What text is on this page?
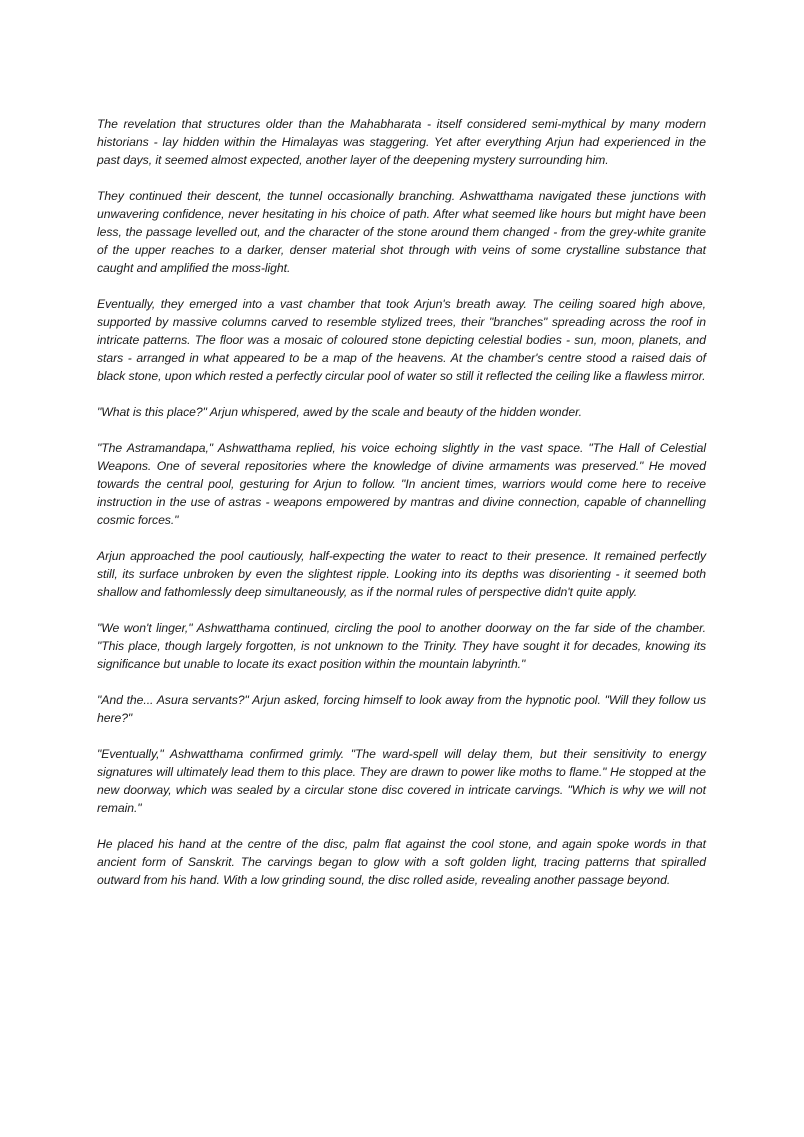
The revelation that structures older than the Mahabharata - itself considered semi-mythical by many modern historians - lay hidden within the Himalayas was staggering. Yet after everything Arjun had experienced in the past days, it seemed almost expected, another layer of the deepening mystery surrounding him.

They continued their descent, the tunnel occasionally branching. Ashwatthama navigated these junctions with unwavering confidence, never hesitating in his choice of path. After what seemed like hours but might have been less, the passage levelled out, and the character of the stone around them changed - from the grey-white granite of the upper reaches to a darker, denser material shot through with veins of some crystalline substance that caught and amplified the moss-light.

Eventually, they emerged into a vast chamber that took Arjun's breath away. The ceiling soared high above, supported by massive columns carved to resemble stylized trees, their "branches" spreading across the roof in intricate patterns. The floor was a mosaic of coloured stone depicting celestial bodies - sun, moon, planets, and stars - arranged in what appeared to be a map of the heavens. At the chamber's centre stood a raised dais of black stone, upon which rested a perfectly circular pool of water so still it reflected the ceiling like a flawless mirror.

"What is this place?" Arjun whispered, awed by the scale and beauty of the hidden wonder.

"The Astramandapa," Ashwatthama replied, his voice echoing slightly in the vast space. "The Hall of Celestial Weapons. One of several repositories where the knowledge of divine armaments was preserved." He moved towards the central pool, gesturing for Arjun to follow. "In ancient times, warriors would come here to receive instruction in the use of astras - weapons empowered by mantras and divine connection, capable of channelling cosmic forces."

Arjun approached the pool cautiously, half-expecting the water to react to their presence. It remained perfectly still, its surface unbroken by even the slightest ripple. Looking into its depths was disorienting - it seemed both shallow and fathomlessly deep simultaneously, as if the normal rules of perspective didn't quite apply.

"We won't linger," Ashwatthama continued, circling the pool to another doorway on the far side of the chamber. "This place, though largely forgotten, is not unknown to the Trinity. They have sought it for decades, knowing its significance but unable to locate its exact position within the mountain labyrinth."

"And the... Asura servants?" Arjun asked, forcing himself to look away from the hypnotic pool. "Will they follow us here?"

"Eventually," Ashwatthama confirmed grimly. "The ward-spell will delay them, but their sensitivity to energy signatures will ultimately lead them to this place. They are drawn to power like moths to flame." He stopped at the new doorway, which was sealed by a circular stone disc covered in intricate carvings. "Which is why we will not remain."

He placed his hand at the centre of the disc, palm flat against the cool stone, and again spoke words in that ancient form of Sanskrit. The carvings began to glow with a soft golden light, tracing patterns that spiralled outward from his hand. With a low grinding sound, the disc rolled aside, revealing another passage beyond.
